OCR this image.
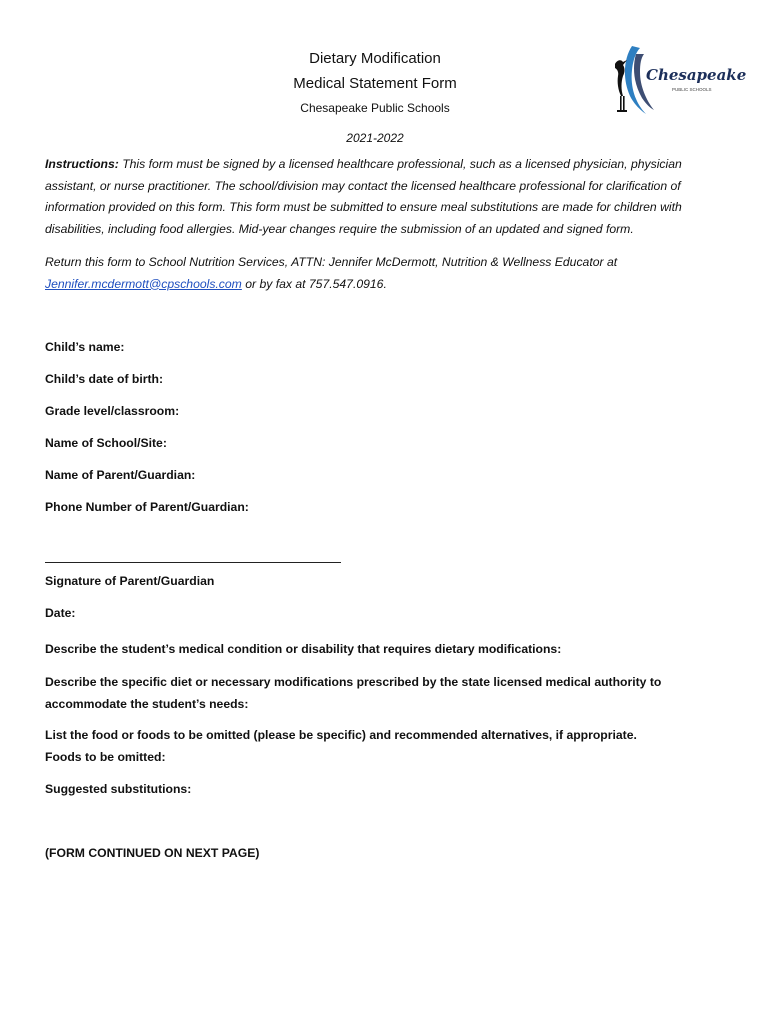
Dietary Modification
Medical Statement Form
Chesapeake Public Schools
2021-2022
Chesapeake
PUBLIC SCHOOLS

Instructions: This form must be signed by a licensed healthcare professional, such as a licensed physician, physician assistant, or nurse practitioner. The school/division may contact the licensed healthcare professional for clarification of information provided on this form. This form must be submitted to ensure meal substitutions are made for children with disabilities, including food allergies. Mid-year changes require the submission of an updated and signed form.

Return this form to School Nutrition Services, ATTN: Jennifer McDermott, Nutrition & Wellness Educator at Jennifer.mcdermott@cpschools.com or by fax at 757.547.0916.

Child’s name:
Child’s date of birth:
Grade level/classroom:
Name of School/Site:
Name of Parent/Guardian:
Phone Number of Parent/Guardian:
Signature of Parent/Guardian
Date:
Describe the student’s medical condition or disability that requires dietary modifications:
Describe the specific diet or necessary modifications prescribed by the state licensed medical authority to accommodate the student’s needs:
List the food or foods to be omitted (please be specific) and recommended alternatives, if appropriate.
Foods to be omitted:
Suggested substitutions:
(FORM CONTINUED ON NEXT PAGE)
